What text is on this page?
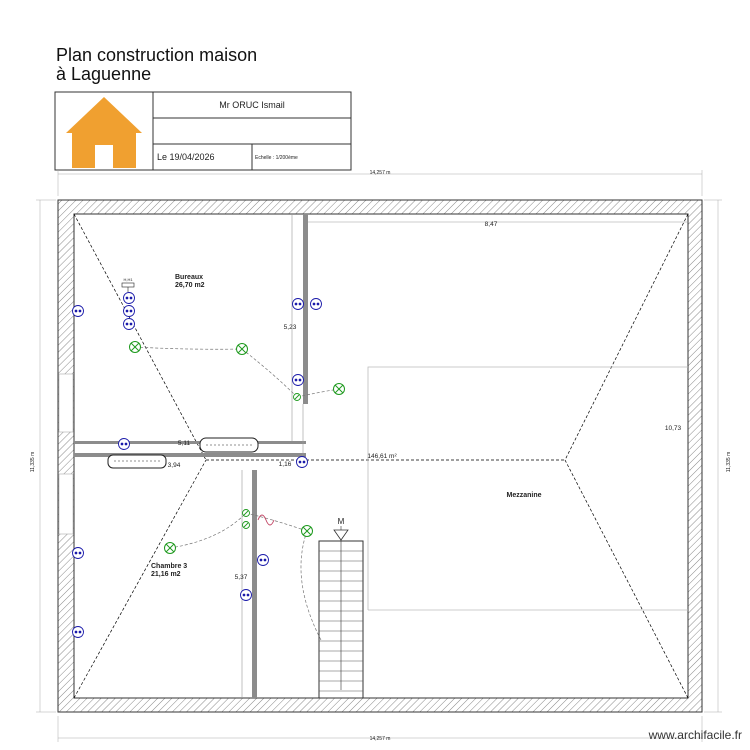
Plan construction maison
à Laguenne
Mr ORUC Ismail
Le 19/04/2026	Echelle : 1/200ème
14,257 m
14,257 m
11,335 m	11,335 m
M
H,H1
8,47
10,73
5,23
5,11
1,16
5,37
3,94
Bureaux
26,70 m2
Chambre 3
21,16 m2
Mezzanine
146,61 m²
www.archifacile.fr
